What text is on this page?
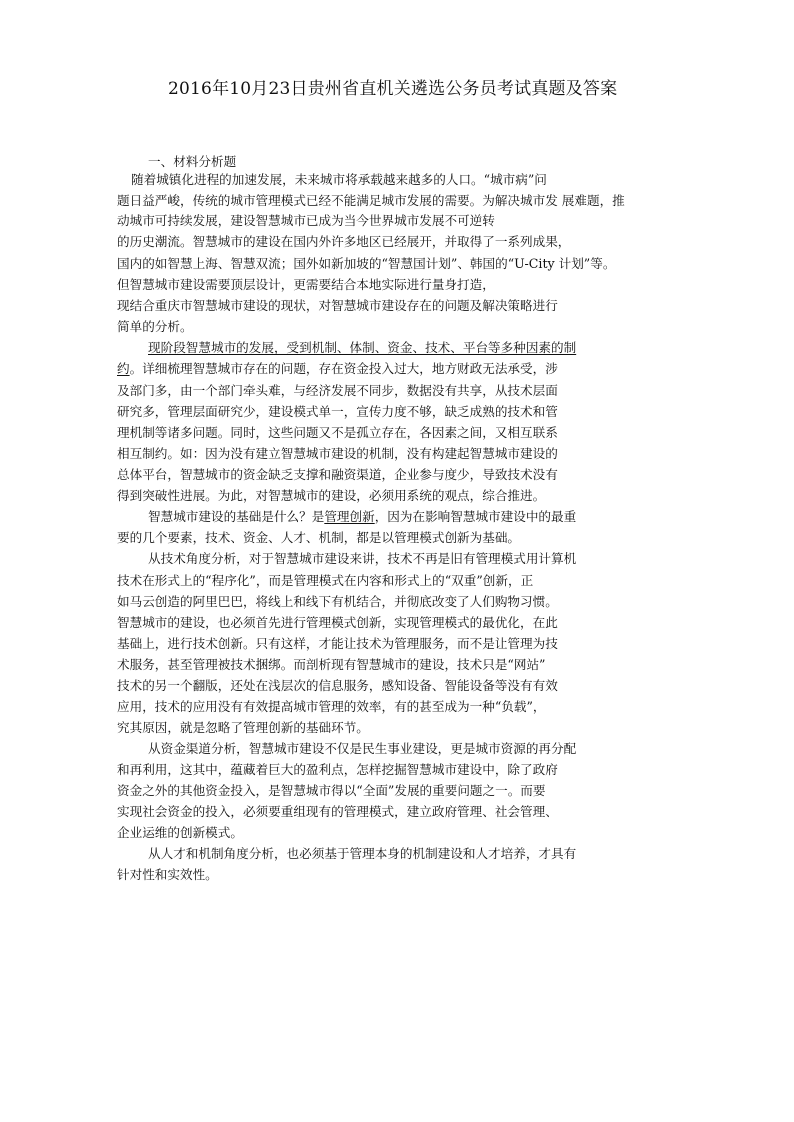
2016年10月23日贵州省直机关遴选公务员考试真题及答案
一、材料分析题
随着城镇化进程的加速发展，未来城市将承载越来越多的人口。“城市病”问
题日益严峻，传统的城市管理模式已经不能满足城市发展的需要。为解决城市发 展难题，推
动城市可持续发展，建设智慧城市已成为当今世界城市发展不可逆转
的历史潮流。智慧城市的建设在国内外许多地区已经展开，并取得了一系列成果，
国内的如智慧上海、智慧双流；国外如新加坡的“智慧国计划”、韩国的“U-City 计划”等。
但智慧城市建设需要顶层设计，更需要结合本地实际进行量身打造，
现结合重庆市智慧城市建设的现状，对智慧城市建设存在的问题及解决策略进行
简单的分析。
现阶段智慧城市的发展，受到机制、体制、资金、技术、平台等多种因素的制
约。详细梳理智慧城市存在的问题，存在资金投入过大，地方财政无法承受，涉
及部门多，由一个部门牵头难，与经济发展不同步，数据没有共享，从技术层面
研究多，管理层面研究少，建设模式单一，宣传力度不够，缺乏成熟的技术和管
理机制等诸多问题。同时，这些问题又不是孤立存在，各因素之间，又相互联系
相互制约。如：因为没有建立智慧城市建设的机制，没有构建起智慧城市建设的
总体平台，智慧城市的资金缺乏支撑和融资渠道，企业参与度少，导致技术没有
得到突破性进展。为此，对智慧城市的建设，必须用系统的观点，综合推进。
智慧城市建设的基础是什么？是管理创新，因为在影响智慧城市建设中的最重
要的几个要素，技术、资金、人才、机制，都是以管理模式创新为基础。
从技术角度分析，对于智慧城市建设来讲，技术不再是旧有管理模式用计算机
技术在形式上的“程序化”，而是管理模式在内容和形式上的“双重”创新，正
如马云创造的阿里巴巴，将线上和线下有机结合，并彻底改变了人们购物习惯。
智慧城市的建设，也必须首先进行管理模式创新，实现管理模式的最优化，在此
基础上，进行技术创新。只有这样，才能让技术为管理服务，而不是让管理为技
术服务，甚至管理被技术捆绑。而剖析现有智慧城市的建设，技术只是“网站”
技术的另一个翻版，还处在浅层次的信息服务，感知设备、智能设备等没有有效
应用，技术的应用没有有效提高城市管理的效率，有的甚至成为一种“负载”，
究其原因，就是忽略了管理创新的基础环节。
从资金渠道分析，智慧城市建设不仅是民生事业建设，更是城市资源的再分配
和再利用，这其中，蕴藏着巨大的盈利点，怎样挖掘智慧城市建设中，除了政府
资金之外的其他资金投入，是智慧城市得以“全面”发展的重要问题之一。而要
实现社会资金的投入，必须要重组现有的管理模式，建立政府管理、社会管理、
企业运维的创新模式。
从人才和机制角度分析，也必须基于管理本身的机制建设和人才培养，才具有
针对性和实效性。
